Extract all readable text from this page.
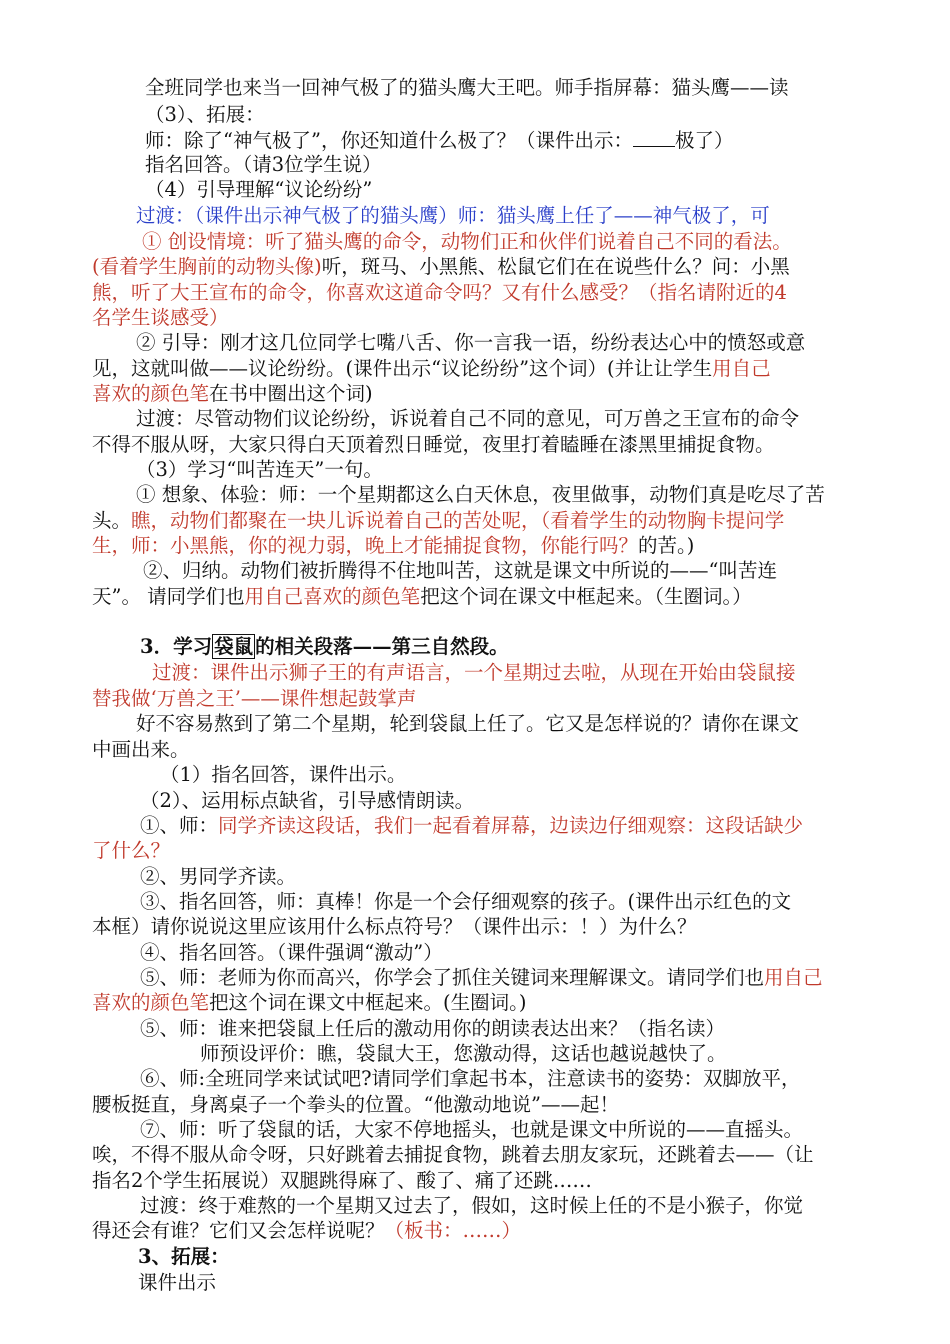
全班同学也来当一回神气极了的猫头鹰大王吧。师手指屏幕：猫头鹰——读
（3）、拓展：
师：除了“神气极了”，你还知道什么极了？（课件出示： 极了）
指名回答。（请3位学生说）
（4）引导理解“议论纷纷”
过渡：（课件出示神气极了的猫头鹰）师：猫头鹰上任了——神气极了，可
① 创设情境：听了猫头鹰的命令，动物们正和伙伴们说着自己不同的看法。
(看着学生胸前的动物头像)听，斑马、小黑熊、松鼠它们在在说些什么？问：小黑
熊，听了大王宣布的命令，你喜欢这道命令吗？又有什么感受？（指名请附近的4
名学生谈感受）
② 引导：刚才这几位同学七嘴八舌、你一言我一语，纷纷表达心中的愤怒或意
见，这就叫做——议论纷纷。(课件出示“议论纷纷”这个词）(并让让学生用自己
喜欢的颜色笔在书中圈出这个词)
过渡：尽管动物们议论纷纷，诉说着自己不同的意见，可万兽之王宣布的命令
不得不服从呀，大家只得白天顶着烈日睡觉，夜里打着瞌睡在漆黑里捕捉食物。
（3）学习“叫苦连天”一句。
① 想象、体验：师：一个星期都这么白天休息，夜里做事，动物们真是吃尽了苦
头。瞧，动物们都聚在一块儿诉说着自己的苦处呢，（看着学生的动物胸卡提问学
生，师：小黑熊，你的视力弱，晚上才能捕捉食物，你能行吗？的苦。)
②、归纳。动物们被折腾得不住地叫苦，这就是课文中所说的——“叫苦连
天”。 请同学们也用自己喜欢的颜色笔把这个词在课文中框起来。（生圈词。）
3．学习 袋鼠 的相关段落——第三自然段。
过渡：课件出示狮子王的有声语言，一个星期过去啦，从现在开始由袋鼠接
替我做‘万兽之王’——课件想起鼓掌声
好不容易熬到了第二个星期，轮到袋鼠上任了。它又是怎样说的？请你在课文
中画出来。
（1）指名回答，课件出示。
（2）、运用标点缺省，引导感情朗读。
①、师：同学齐读这段话，我们一起看着屏幕，边读边仔细观察：这段话缺少
了什么？
②、男同学齐读。
③、指名回答，师：真棒！你是一个会仔细观察的孩子。(课件出示红色的文
本框）请你说说这里应该用什么标点符号？（课件出示：！）为什么？
④、指名回答。（课件强调“激动”）
⑤、师：老师为你而高兴，你学会了抓住关键词来理解课文。请同学们也用自己
喜欢的颜色笔把这个词在课文中框起来。(生圈词。)
⑤、师：谁来把袋鼠上任后的激动用你的朗读表达出来？（指名读）
师预设评价：瞧，袋鼠大王，您激动得，这话也越说越快了。
⑥、师:全班同学来试试吧?请同学们拿起书本，注意读书的姿势：双脚放平，
腰板挺直，身离桌子一个拳头的位置。“他激动地说”——起！
⑦、师：听了袋鼠的话，大家不停地摇头，也就是课文中所说的——直摇头。
唉，不得不服从命令呀，只好跳着去捕捉食物，跳着去朋友家玩，还跳着去——（让
指名2个学生拓展说）双腿跳得麻了、酸了、痛了还跳……
过渡：终于难熬的一个星期又过去了，假如，这时候上任的不是小猴子，你觉
得还会有谁？它们又会怎样说呢？（板书：……）
3、拓展：
课件出示
